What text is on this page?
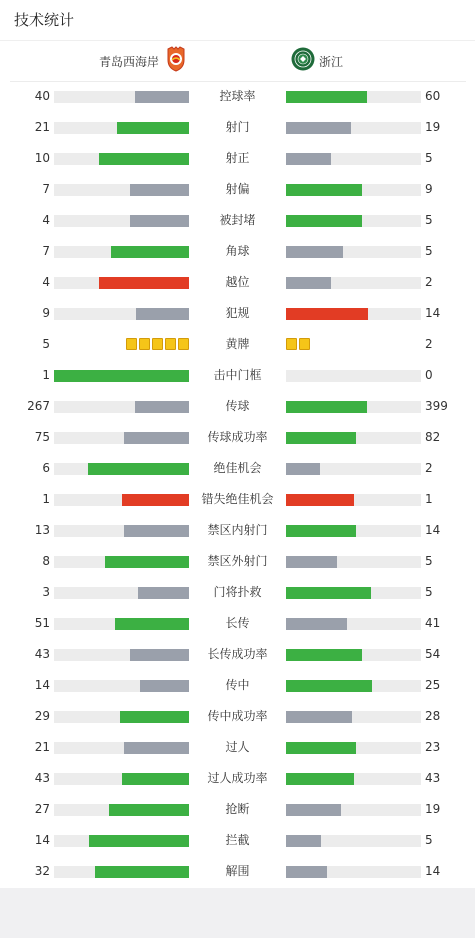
技术统计
青岛西海岸	浙江
40	控球率	60
21	射门	19
10	射正	5
7	射偏	9
4	被封堵	5
7	角球	5
4	越位	2
9	犯规	14
5	黄牌	2
1	击中门框	0
267	传球	399
75	传球成功率	82
6	绝佳机会	2
1	错失绝佳机会	1
13	禁区内射门	14
8	禁区外射门	5
3	门将扑救	5
51	长传	41
43	长传成功率	54
14	传中	25
29	传中成功率	28
21	过人	23
43	过人成功率	43
27	抢断	19
14	拦截	5
32	解围	14
